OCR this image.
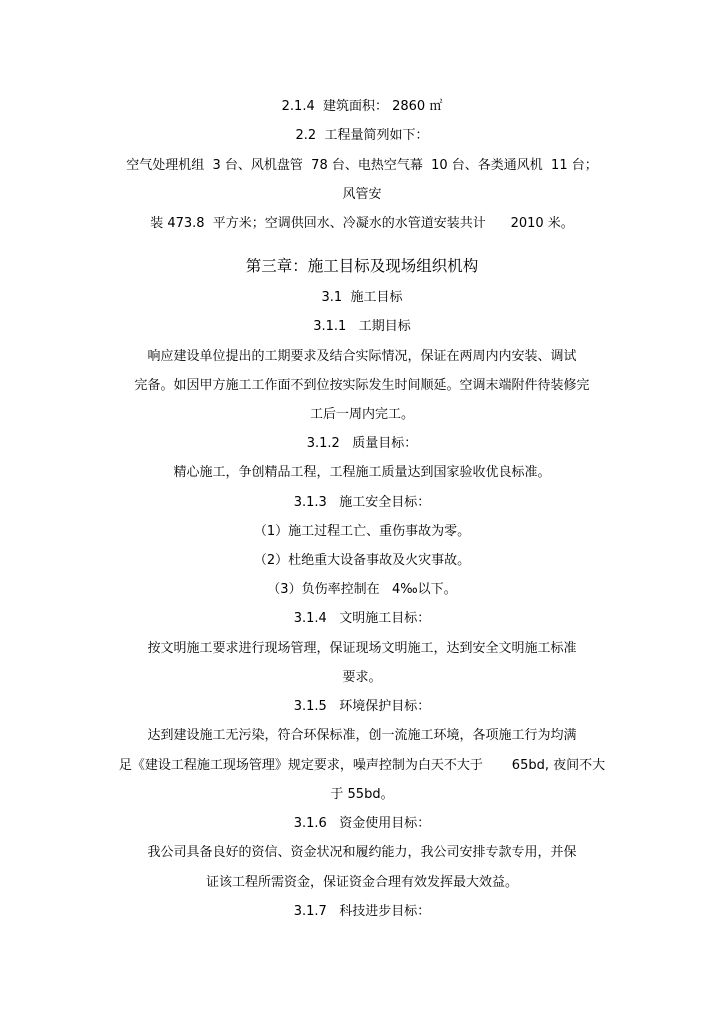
2.1.4  建筑面积： 2860 ㎡
2.2  工程量简列如下：
空气处理机组  3 台、风机盘管  78 台、电热空气幕  10 台、各类通风机  11 台；
风管安
装 473.8  平方米；空调供回水、冷凝水的水管道安装共计      2010 米。
第三章：施工目标及现场组织机构
3.1  施工目标
3.1.1   工期目标
响应建设单位提出的工期要求及结合实际情况，保证在两周内内安装、调试
完备。如因甲方施工工作面不到位按实际发生时间顺延。空调末端附件待装修完
工后一周内完工。
3.1.2   质量目标：
精心施工，争创精品工程，工程施工质量达到国家验收优良标准。
3.1.3   施工安全目标：
（1）施工过程工亡、重伤事故为零。
（2）杜绝重大设备事故及火灾事故。
（3）负伤率控制在   4‰以下。
3.1.4   文明施工目标：
按文明施工要求进行现场管理，保证现场文明施工，达到安全文明施工标准
要求。
3.1.5   环境保护目标：
达到建设施工无污染，符合环保标准，创一流施工环境，各项施工行为均满
足《建设工程施工现场管理》规定要求，噪声控制为白天不大于       65bd, 夜间不大
于 55bd。
3.1.6   资金使用目标：
我公司具备良好的资信、资金状况和履约能力，我公司安排专款专用，并保
证该工程所需资金，保证资金合理有效发挥最大效益。
3.1.7   科技进步目标：
